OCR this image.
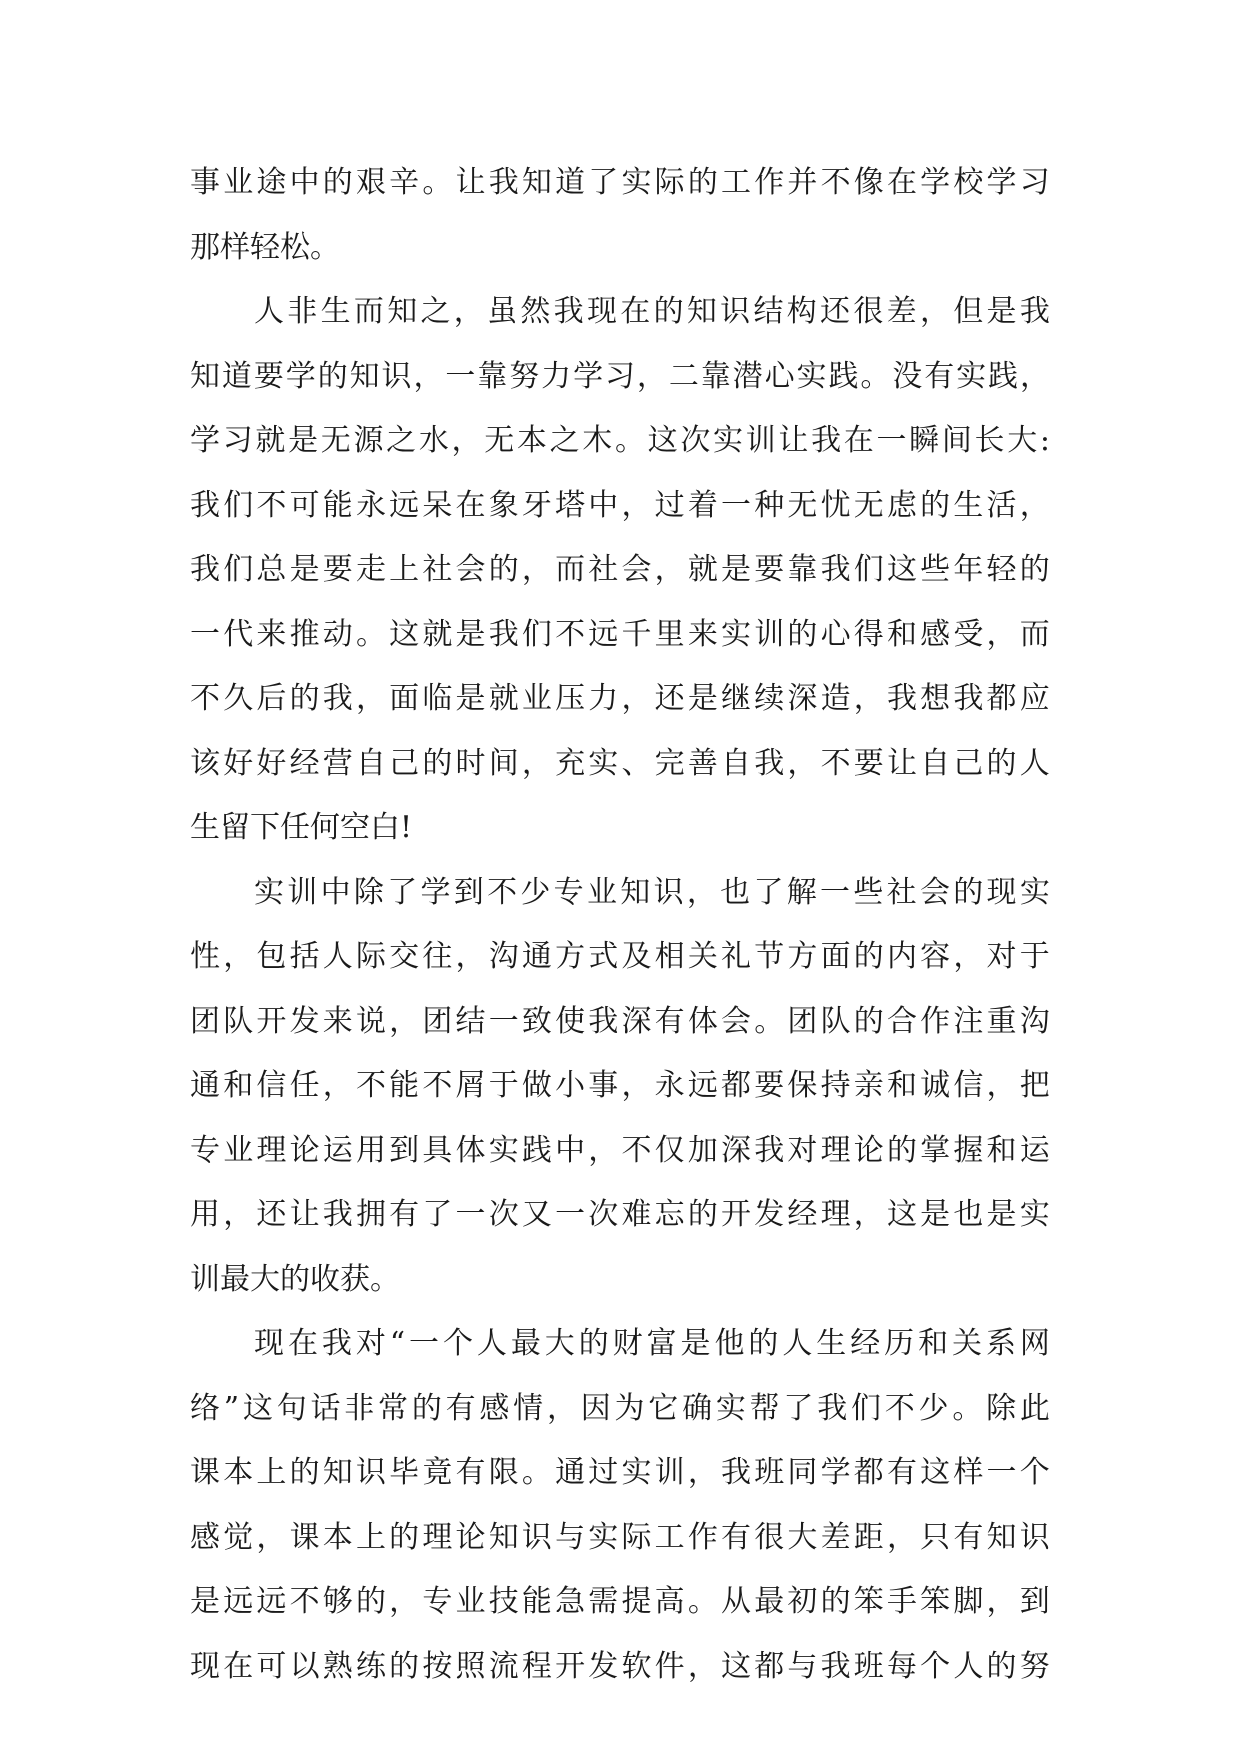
事 业 途 中 的 艰 辛 。 让 我 知 道 了 实 际 的 工 作 并 不 像 在 学 校 学 习
那 样 轻 松 。
人 非 生 而 知 之 ， 虽 然 我 现 在 的 知 识 结 构 还 很 差 ， 但 是 我
知 道 要 学 的 知 识 ， 一 靠 努 力 学 习 ， 二 靠 潜 心 实 践 。 没 有 实 践 ，
学 习 就 是 无 源 之 水 ， 无 本 之 木 。 这 次 实 训 让 我 在 一 瞬 间 长 大 :
我 们 不 可 能 永 远 呆 在 象 牙 塔 中 ， 过 着 一 种 无 忧 无 虑 的 生 活 ，
我 们 总 是 要 走 上 社 会 的 ， 而 社 会 ， 就 是 要 靠 我 们 这 些 年 轻 的
一 代 来 推 动 。 这 就 是 我 们 不 远 千 里 来 实 训 的 心 得 和 感 受 ， 而
不 久 后 的 我 ， 面 临 是 就 业 压 力 ， 还 是 继 续 深 造 ， 我 想 我 都 应
该 好 好 经 营 自 己 的 时 间 ， 充 实 、 完 善 自 我 ， 不 要 让 自 己 的 人
生 留 下 任 何 空 白 !
实 训 中 除 了 学 到 不 少 专 业 知 识 ， 也 了 解 一 些 社 会 的 现 实
性 ， 包 括 人 际 交 往 ， 沟 通 方 式 及 相 关 礼 节 方 面 的 内 容 ， 对 于
团 队 开 发 来 说 ， 团 结 一 致 使 我 深 有 体 会 。 团 队 的 合 作 注 重 沟
通 和 信 任 ， 不 能 不 屑 于 做 小 事 ， 永 远 都 要 保 持 亲 和 诚 信 ， 把
专 业 理 论 运 用 到 具 体 实 践 中 ， 不 仅 加 深 我 对 理 论 的 掌 握 和 运
用 ， 还 让 我 拥 有 了 一 次 又 一 次 难 忘 的 开 发 经 理 ， 这 是 也 是 实
训 最 大 的 收 获 。
现 在 我 对 “ 一 个 人 最 大 的 财 富 是 他 的 人 生 经 历 和 关 系 网
络 ” 这 句 话 非 常 的 有 感 情 ， 因 为 它 确 实 帮 了 我 们 不 少 。 除 此
课 本 上 的 知 识 毕 竟 有 限 。 通 过 实 训 ， 我 班 同 学 都 有 这 样 一 个
感 觉 ， 课 本 上 的 理 论 知 识 与 实 际 工 作 有 很 大 差 距 ， 只 有 知 识
是 远 远 不 够 的 ， 专 业 技 能 急 需 提 高 。 从 最 初 的 笨 手 笨 脚 ， 到
现 在 可 以 熟 练 的 按 照 流 程 开 发 软 件 ， 这 都 与 我 班 每 个 人 的 努
